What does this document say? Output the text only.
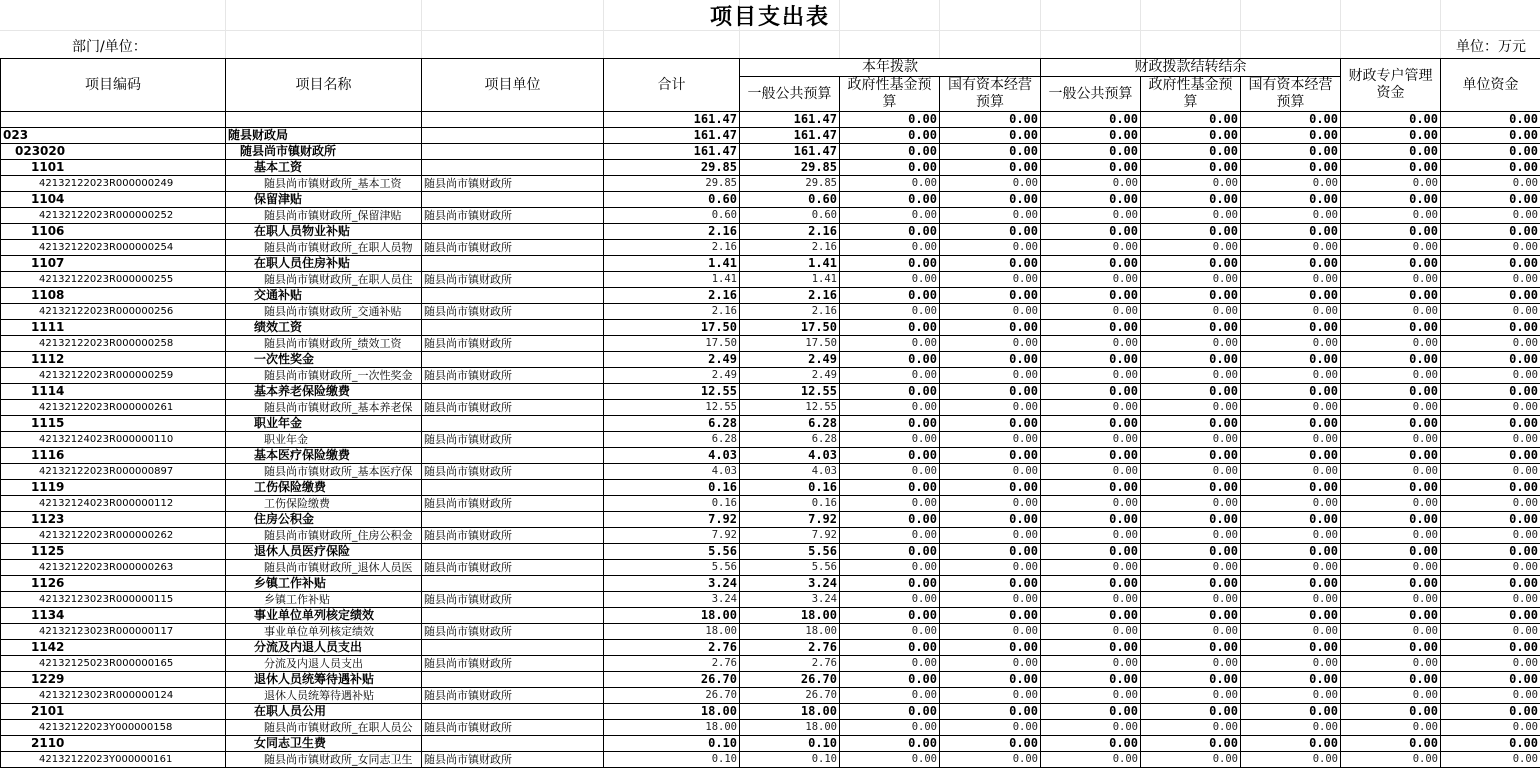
项目支出表
部门/单位：	单位：万元
项目编码	项目名称	项目单位	合计	本年拨款			财政拨款结转结余			财政专户管理资金	单位资金
				一般公共预算	政府性基金预算	国有资本经营预算	一般公共预算	政府性基金预算	国有资本经营预算		
			161.47	161.47	0.00	0.00	0.00	0.00	0.00	0.00	0.00
023	随县财政局		161.47	161.47	0.00	0.00	0.00	0.00	0.00	0.00	0.00
023020	随县尚市镇财政所		161.47	161.47	0.00	0.00	0.00	0.00	0.00	0.00	0.00
1101	基本工资		29.85	29.85	0.00	0.00	0.00	0.00	0.00	0.00	0.00
42132122023R000000249	随县尚市镇财政所_基本工资	随县尚市镇财政所	29.85	29.85	0.00	0.00	0.00	0.00	0.00	0.00	0.00
1104	保留津贴		0.60	0.60	0.00	0.00	0.00	0.00	0.00	0.00	0.00
42132122023R000000252	随县尚市镇财政所_保留津贴	随县尚市镇财政所	0.60	0.60	0.00	0.00	0.00	0.00	0.00	0.00	0.00
1106	在职人员物业补贴		2.16	2.16	0.00	0.00	0.00	0.00	0.00	0.00	0.00
42132122023R000000254	随县尚市镇财政所_在职人员物	随县尚市镇财政所	2.16	2.16	0.00	0.00	0.00	0.00	0.00	0.00	0.00
1107	在职人员住房补贴		1.41	1.41	0.00	0.00	0.00	0.00	0.00	0.00	0.00
42132122023R000000255	随县尚市镇财政所_在职人员住	随县尚市镇财政所	1.41	1.41	0.00	0.00	0.00	0.00	0.00	0.00	0.00
1108	交通补贴		2.16	2.16	0.00	0.00	0.00	0.00	0.00	0.00	0.00
42132122023R000000256	随县尚市镇财政所_交通补贴	随县尚市镇财政所	2.16	2.16	0.00	0.00	0.00	0.00	0.00	0.00	0.00
1111	绩效工资		17.50	17.50	0.00	0.00	0.00	0.00	0.00	0.00	0.00
42132122023R000000258	随县尚市镇财政所_绩效工资	随县尚市镇财政所	17.50	17.50	0.00	0.00	0.00	0.00	0.00	0.00	0.00
1112	一次性奖金		2.49	2.49	0.00	0.00	0.00	0.00	0.00	0.00	0.00
42132122023R000000259	随县尚市镇财政所_一次性奖金	随县尚市镇财政所	2.49	2.49	0.00	0.00	0.00	0.00	0.00	0.00	0.00
1114	基本养老保险缴费		12.55	12.55	0.00	0.00	0.00	0.00	0.00	0.00	0.00
42132122023R000000261	随县尚市镇财政所_基本养老保	随县尚市镇财政所	12.55	12.55	0.00	0.00	0.00	0.00	0.00	0.00	0.00
1115	职业年金		6.28	6.28	0.00	0.00	0.00	0.00	0.00	0.00	0.00
42132124023R000000110	职业年金	随县尚市镇财政所	6.28	6.28	0.00	0.00	0.00	0.00	0.00	0.00	0.00
1116	基本医疗保险缴费		4.03	4.03	0.00	0.00	0.00	0.00	0.00	0.00	0.00
42132122023R000000897	随县尚市镇财政所_基本医疗保	随县尚市镇财政所	4.03	4.03	0.00	0.00	0.00	0.00	0.00	0.00	0.00
1119	工伤保险缴费		0.16	0.16	0.00	0.00	0.00	0.00	0.00	0.00	0.00
42132124023R000000112	工伤保险缴费	随县尚市镇财政所	0.16	0.16	0.00	0.00	0.00	0.00	0.00	0.00	0.00
1123	住房公积金		7.92	7.92	0.00	0.00	0.00	0.00	0.00	0.00	0.00
42132122023R000000262	随县尚市镇财政所_住房公积金	随县尚市镇财政所	7.92	7.92	0.00	0.00	0.00	0.00	0.00	0.00	0.00
1125	退休人员医疗保险		5.56	5.56	0.00	0.00	0.00	0.00	0.00	0.00	0.00
42132122023R000000263	随县尚市镇财政所_退休人员医	随县尚市镇财政所	5.56	5.56	0.00	0.00	0.00	0.00	0.00	0.00	0.00
1126	乡镇工作补贴		3.24	3.24	0.00	0.00	0.00	0.00	0.00	0.00	0.00
42132123023R000000115	乡镇工作补贴	随县尚市镇财政所	3.24	3.24	0.00	0.00	0.00	0.00	0.00	0.00	0.00
1134	事业单位单列核定绩效		18.00	18.00	0.00	0.00	0.00	0.00	0.00	0.00	0.00
42132123023R000000117	事业单位单列核定绩效	随县尚市镇财政所	18.00	18.00	0.00	0.00	0.00	0.00	0.00	0.00	0.00
1142	分流及内退人员支出		2.76	2.76	0.00	0.00	0.00	0.00	0.00	0.00	0.00
42132125023R000000165	分流及内退人员支出	随县尚市镇财政所	2.76	2.76	0.00	0.00	0.00	0.00	0.00	0.00	0.00
1229	退休人员统筹待遇补贴		26.70	26.70	0.00	0.00	0.00	0.00	0.00	0.00	0.00
42132123023R000000124	退休人员统筹待遇补贴	随县尚市镇财政所	26.70	26.70	0.00	0.00	0.00	0.00	0.00	0.00	0.00
2101	在职人员公用		18.00	18.00	0.00	0.00	0.00	0.00	0.00	0.00	0.00
42132122023Y000000158	随县尚市镇财政所_在职人员公	随县尚市镇财政所	18.00	18.00	0.00	0.00	0.00	0.00	0.00	0.00	0.00
2110	女同志卫生费		0.10	0.10	0.00	0.00	0.00	0.00	0.00	0.00	0.00
42132122023Y000000161	随县尚市镇财政所_女同志卫生	随县尚市镇财政所	0.10	0.10	0.00	0.00	0.00	0.00	0.00	0.00	0.00
